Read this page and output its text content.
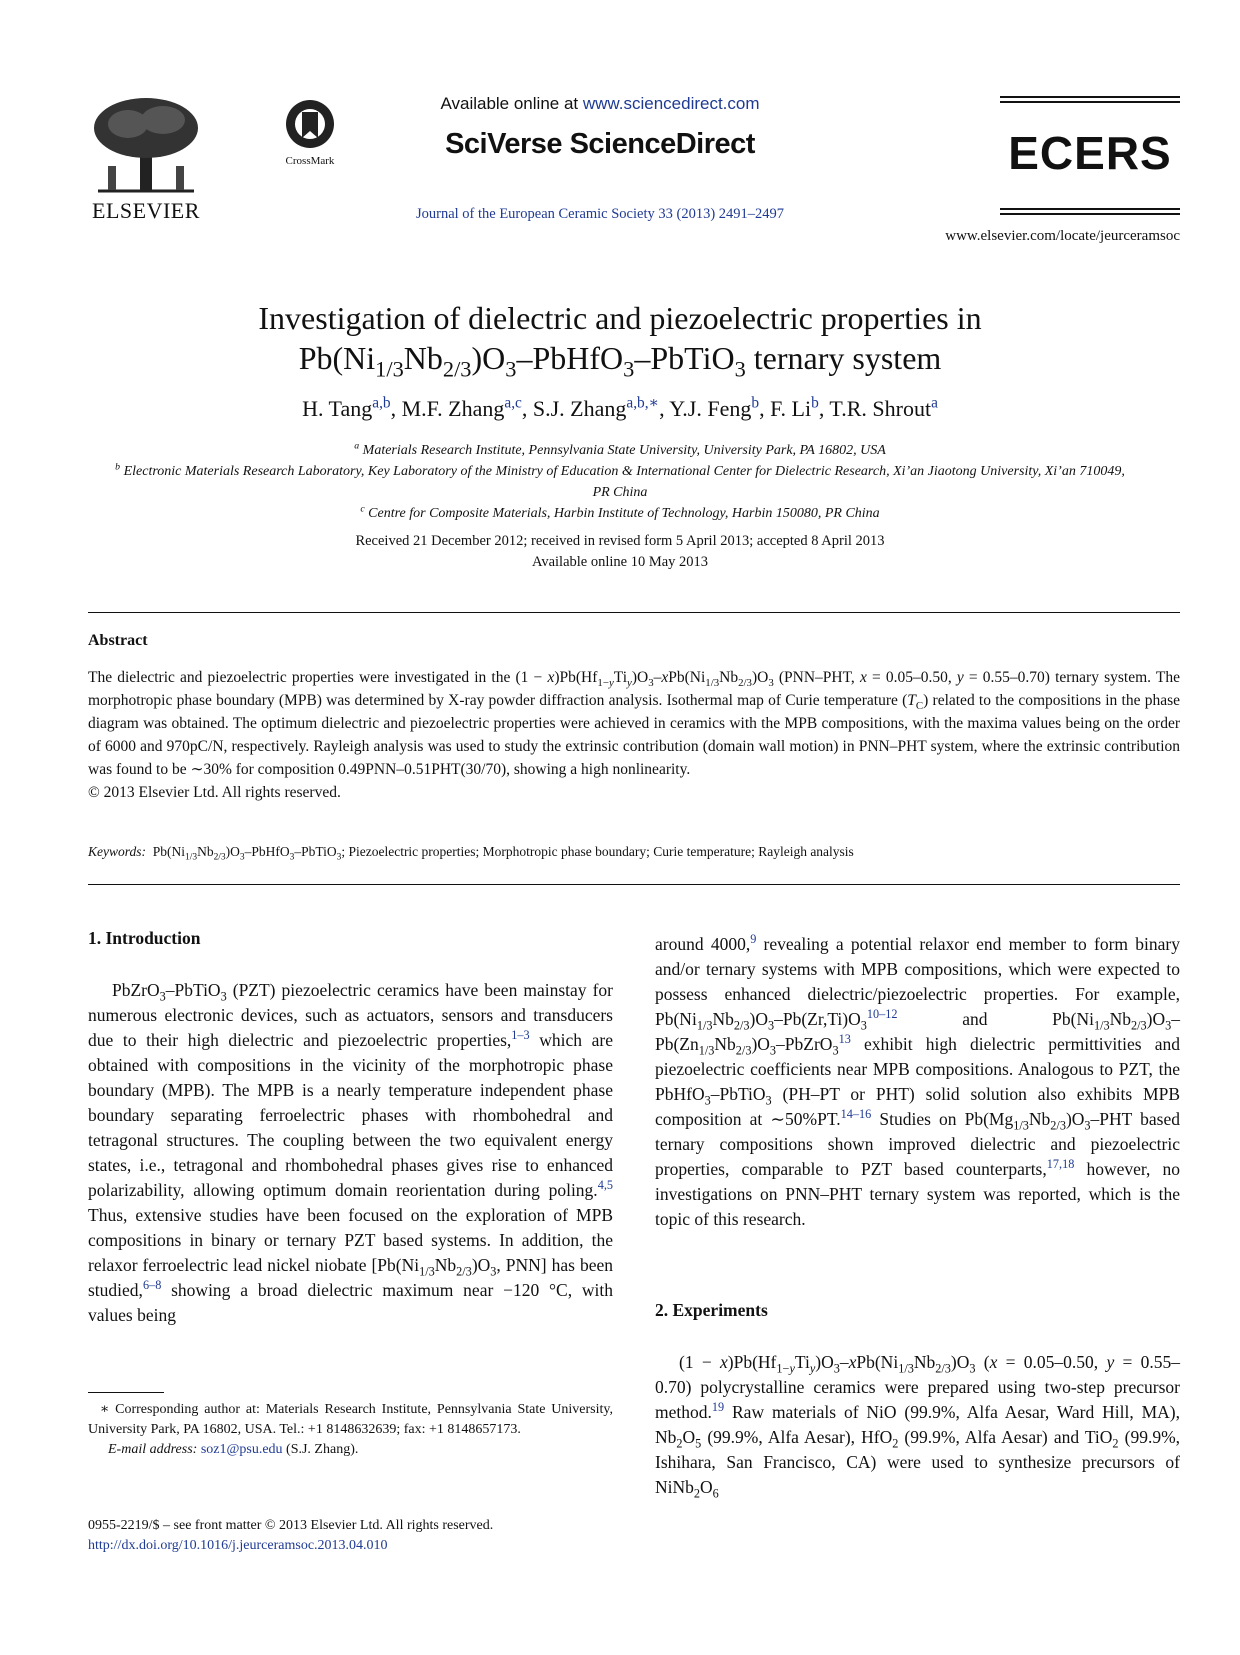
ELSEVIER
CrossMark
Available online at www.sciencedirect.com
SciVerse ScienceDirect
Journal of the European Ceramic Society 33 (2013) 2491–2497
ECERS
www.elsevier.com/locate/jeurceramsoc
Investigation of dielectric and piezoelectric properties in
$Pb(Ni_{1/3}Nb_{2/3})O_3-PbHfO_3-PbTiO_3$ ternary system
H. Tang$^{a,b}$, M.F. Zhang$^{a,c}$, S.J. Zhang$^{a,b,∗}$, Y.J. Feng$^b$, F. Li$^b$, T.R. Shrout$^a$
$^a$ Materials Research Institute, Pennsylvania State University, University Park, PA 16802, USA
$^b$ Electronic Materials Research Laboratory, Key Laboratory of the Ministry of Education & International Center for Dielectric Research, Xi’an Jiaotong University, Xi’an 710049, PR China
$^c$ Centre for Composite Materials, Harbin Institute of Technology, Harbin 150080, PR China
Received 21 December 2012; received in revised form 5 April 2013; accepted 8 April 2013
Available online 10 May 2013
Abstract
The dielectric and piezoelectric properties were investigated in the $(1 - x)Pb(Hf_{1-y}Ti_y)O_3-xPb(Ni_{1/3}Nb_{2/3})O_3$ (PNN–PHT, x = 0.05–0.50, y = 0.55–0.70) ternary system. The morphotropic phase boundary (MPB) was determined by X-ray powder diffraction analysis. Isothermal map of Curie temperature $(T_C)$ related to the compositions in the phase diagram was obtained. The optimum dielectric and piezoelectric properties were achieved in ceramics with the MPB compositions, with the maxima values being on the order of 6000 and 970pC/N, respectively. Rayleigh analysis was used to study the extrinsic contribution (domain wall motion) in PNN–PHT system, where the extrinsic contribution was found to be ∼30% for composition 0.49PNN–0.51PHT(30/70), showing a high nonlinearity.
© 2013 Elsevier Ltd. All rights reserved.
Keywords:  $Pb(Ni_{1/3}Nb_{2/3})O_3-PbHfO_3-PbTiO_3$; Piezoelectric properties; Morphotropic phase boundary; Curie temperature; Rayleigh analysis
1. Introduction

PbZrO$_3$–PbTiO$_3$ (PZT) piezoelectric ceramics have been mainstay for numerous electronic devices, such as actuators, sensors and transducers due to their high dielectric and piezoelectric properties,$^{1-3}$ which are obtained with compositions in the vicinity of the morphotropic phase boundary (MPB). The MPB is a nearly temperature independent phase boundary separating ferroelectric phases with rhombohedral and tetragonal structures. The coupling between the two equivalent energy states, i.e., tetragonal and rhombohedral phases gives rise to enhanced polarizability, allowing optimum domain reorientation during poling.$^{4,5}$ Thus, extensive studies have been focused on the exploration of MPB compositions in binary or ternary PZT based systems. In addition, the relaxor ferroelectric lead nickel niobate [$Pb(Ni_{1/3}Nb_{2/3})O_3$, PNN] has been studied,$^{6-8}$ showing a broad dielectric maximum near −120 °C, with values being

∗ Corresponding author at: Materials Research Institute, Pennsylvania State University, University Park, PA 16802, USA. Tel.: +1 8148632639; fax: +1 8148657173.
E-mail address: soz1@psu.edu (S.J. Zhang).
0955-2219/$ – see front matter © 2013 Elsevier Ltd. All rights reserved.
http://dx.doi.org/10.1016/j.jeurceramsoc.2013.04.010

around 4000,$^9$ revealing a potential relaxor end member to form binary and/or ternary systems with MPB compositions, which were expected to possess enhanced dielectric/piezoelectric properties. For example, $Pb(Ni_{1/3}Nb_{2/3})O_3-Pb(Zr,Ti)O_3^{10-12}$ and $Pb(Ni_{1/3}Nb_{2/3})O_3-$ $Pb(Zn_{1/3}Nb_{2/3})O_3-PbZrO_3^{13}$ exhibit high dielectric permittivities and piezoelectric coefficients near MPB compositions. Analogous to PZT, the PbHfO$_3$–PbTiO$_3$ (PH–PT or PHT) solid solution also exhibits MPB composition at ∼50%PT.$^{14-16}$ Studies on $Pb(Mg_{1/3}Nb_{2/3})O_3$–PHT based ternary compositions shown improved dielectric and piezoelectric properties, comparable to PZT based counterparts,$^{17,18}$ however, no investigations on PNN–PHT ternary system was reported, which is the topic of this research.

2. Experiments

$(1 - x)Pb(Hf_{1-y}Ti_y)O_3-xPb(Ni_{1/3}Nb_{2/3})O_3$ (x = 0.05–0.50, y = 0.55–0.70) polycrystalline ceramics were prepared using two-step precursor method.$^{19}$ Raw materials of NiO (99.9%, Alfa Aesar, Ward Hill, MA), $Nb_2O_5$ (99.9%, Alfa Aesar), HfO$_2$ (99.9%, Alfa Aesar) and TiO$_2$ (99.9%, Ishihara, San Francisco, CA) were used to synthesize precursors of $NiNb_2O_6$
